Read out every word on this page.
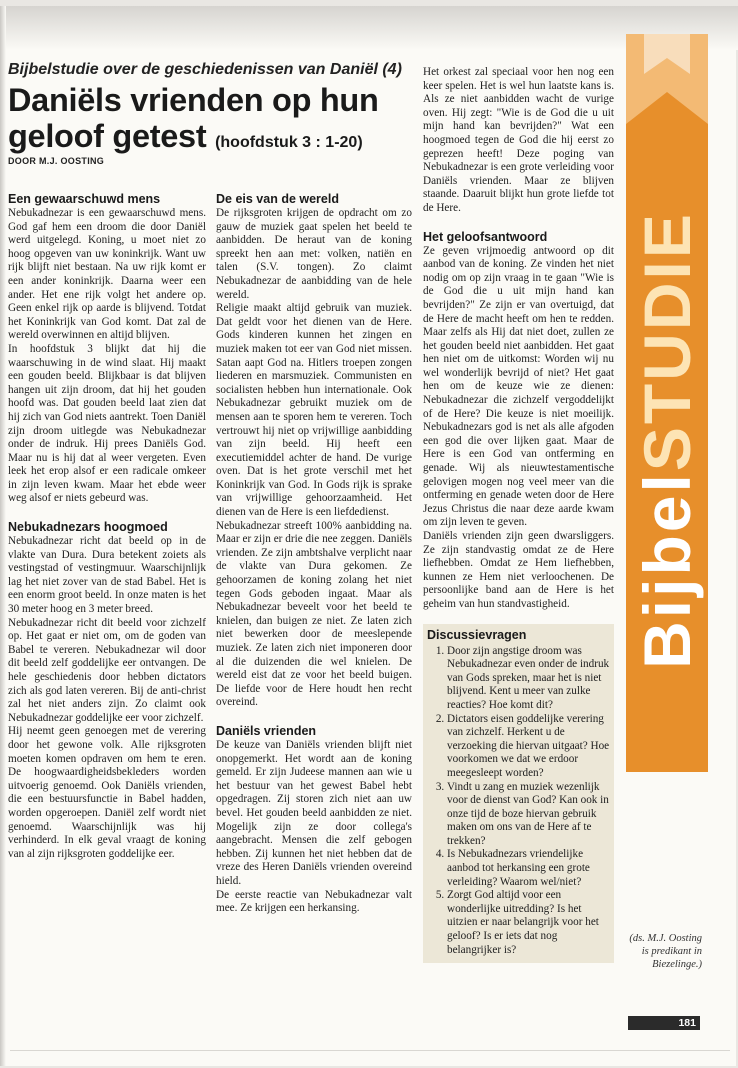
Bijbelstudie over de geschiedenissen van Daniël (4)
Daniëls vrienden op hun geloof getest (hoofdstuk 3 : 1-20)
DOOR M.J. OOSTING

Een gewaarschuwd mens

Nebukadnezar is een gewaarschuwd mens. God gaf hem een droom die door Daniël werd uitgelegd. Koning, u moet niet zo hoog opgeven van uw koninkrijk. Want uw rijk blijft niet bestaan. Na uw rijk komt er een ander koninkrijk. Daarna weer een ander. Het ene rijk volgt het andere op. Geen enkel rijk op aarde is blijvend. Totdat het Koninkrijk van God komt. Dat zal de wereld overwinnen en altijd blijven.

In hoofdstuk 3 blijkt dat hij die waarschuwing in de wind slaat. Hij maakt een gouden beeld. Blijkbaar is dat blijven hangen uit zijn droom, dat hij het gouden hoofd was. Dat gouden beeld laat zien dat hij zich van God niets aantrekt. Toen Daniël zijn droom uitlegde was Nebukadnezar onder de indruk. Hij prees Daniëls God. Maar nu is hij dat al weer vergeten. Even leek het erop alsof er een radicale omkeer in zijn leven kwam. Maar het ebde weer weg alsof er niets gebeurd was.

Nebukadnezars hoogmoed

Nebukadnezar richt dat beeld op in de vlakte van Dura. Dura betekent zoiets als vestingstad of vestingmuur. Waarschijnlijk lag het niet zover van de stad Babel. Het is een enorm groot beeld. In onze maten is het 30 meter hoog en 3 meter breed.

Nebukadnezar richt dit beeld voor zichzelf op. Het gaat er niet om, om de goden van Babel te vereren. Nebukadnezar wil door dit beeld zelf goddelijke eer ontvangen. De hele geschiedenis door hebben dictators zich als god laten vereren. Bij de anti-christ zal het niet anders zijn. Zo claimt ook Nebukadnezar goddelijke eer voor zichzelf.

Hij neemt geen genoegen met de verering door het gewone volk. Alle rijksgroten moeten komen opdraven om hem te eren. De hoogwaardigheidsbekleders worden uitvoerig genoemd. Ook Daniëls vrienden, die een bestuursfunctie in Babel hadden, worden opgeroepen. Daniël zelf wordt niet genoemd. Waarschijnlijk was hij verhinderd. In elk geval vraagt de koning van al zijn rijksgroten goddelijke eer.

De eis van de wereld

De rijksgroten krijgen de opdracht om zo gauw de muziek gaat spelen het beeld te aanbidden. De heraut van de koning spreekt hen aan met: volken, natiën en talen (S.V. tongen). Zo claimt Nebukadnezar de aanbidding van de hele wereld.

Religie maakt altijd gebruik van muziek. Dat geldt voor het dienen van de Here. Gods kinderen kunnen het zingen en muziek maken tot eer van God niet missen. Satan aapt God na. Hitlers troepen zongen liederen en marsmuziek. Communisten en socialisten hebben hun internationale. Ook Nebukadnezar gebruikt muziek om de mensen aan te sporen hem te vereren. Toch vertrouwt hij niet op vrijwillige aanbidding van zijn beeld. Hij heeft een executiemiddel achter de hand. De vurige oven. Dat is het grote verschil met het Koninkrijk van God. In Gods rijk is sprake van vrijwillige gehoorzaamheid. Het dienen van de Here is een liefdedienst.

Nebukadnezar streeft 100% aanbidding na. Maar er zijn er drie die nee zeggen. Daniëls vrienden. Ze zijn ambtshalve verplicht naar de vlakte van Dura gekomen. Ze gehoorzamen de koning zolang het niet tegen Gods geboden ingaat. Maar als Nebukadnezar beveelt voor het beeld te knielen, dan buigen ze niet. Ze laten zich niet bewerken door de meeslepende muziek. Ze laten zich niet imponeren door al die duizenden die wel knielen. De wereld eist dat ze voor het beeld buigen. De liefde voor de Here houdt hen recht overeind.

Daniëls vrienden

De keuze van Daniëls vrienden blijft niet onopgemerkt. Het wordt aan de koning gemeld. Er zijn Judeese mannen aan wie u het bestuur van het gewest Babel hebt opgedragen. Zij storen zich niet aan uw bevel. Het gouden beeld aanbidden ze niet. Mogelijk zijn ze door collega's aangebracht. Mensen die zelf gebogen hebben. Zij kunnen het niet hebben dat de vreze des Heren Daniëls vrienden overeind hield.

De eerste reactie van Nebukadnezar valt mee. Ze krijgen een herkansing.

Het orkest zal speciaal voor hen nog een keer spelen. Het is wel hun laatste kans is. Als ze niet aanbidden wacht de vurige oven. Hij zegt: "Wie is de God die u uit mijn hand kan bevrijden?" Wat een hoogmoed tegen de God die hij eerst zo geprezen heeft! Deze poging van Nebukadnezar is een grote verleiding voor Daniëls vrienden. Maar ze blijven staande. Daaruit blijkt hun grote liefde tot de Here.

Het geloofsantwoord

Ze geven vrijmoedig antwoord op dit aanbod van de koning. Ze vinden het niet nodig om op zijn vraag in te gaan "Wie is de God die u uit mijn hand kan bevrijden?" Ze zijn er van overtuigd, dat de Here de macht heeft om hen te redden. Maar zelfs als Hij dat niet doet, zullen ze het gouden beeld niet aanbidden. Het gaat hen niet om de uitkomst: Worden wij nu wel wonderlijk bevrijd of niet? Het gaat hen om de keuze wie ze dienen: Nebukadnezar die zichzelf vergoddelijkt of de Here? Die keuze is niet moeilijk. Nebukadnezars god is net als alle afgoden een god die over lijken gaat. Maar de Here is een God van ontferming en genade. Wij als nieuwtestamentische gelovigen mogen nog veel meer van die ontferming en genade weten door de Here Jezus Christus die naar deze aarde kwam om zijn leven te geven.

Daniëls vrienden zijn geen dwarsliggers. Ze zijn standvastig omdat ze de Here liefhebben. Omdat ze Hem liefhebben, kunnen ze Hem niet verloochenen. De persoonlijke band aan de Here is het geheim van hun standvastigheid.

Discussievragen

1. Door zijn angstige droom was Nebukadnezar even onder de indruk van Gods spreken, maar het is niet blijvend. Kent u meer van zulke reacties? Hoe komt dit?
2. Dictators eisen goddelijke verering van zichzelf. Herkent u de verzoeking die hiervan uitgaat? Hoe voorkomen we dat we erdoor meegesleept worden?
3. Vindt u zang en muziek wezenlijk voor de dienst van God? Kan ook in onze tijd de boze hiervan gebruik maken om ons van de Here af te trekken?
4. Is Nebukadnezars vriendelijke aanbod tot herkansing een grote verleiding? Waarom wel/niet?
5. Zorgt God altijd voor een wonderlijke uitredding? Is het uitzien er naar belangrijk voor het geloof? Is er iets dat nog belangrijker is?
BijbelSTUDIE
(ds. M.J. Oosting is predikant in Biezelinge.)
181
